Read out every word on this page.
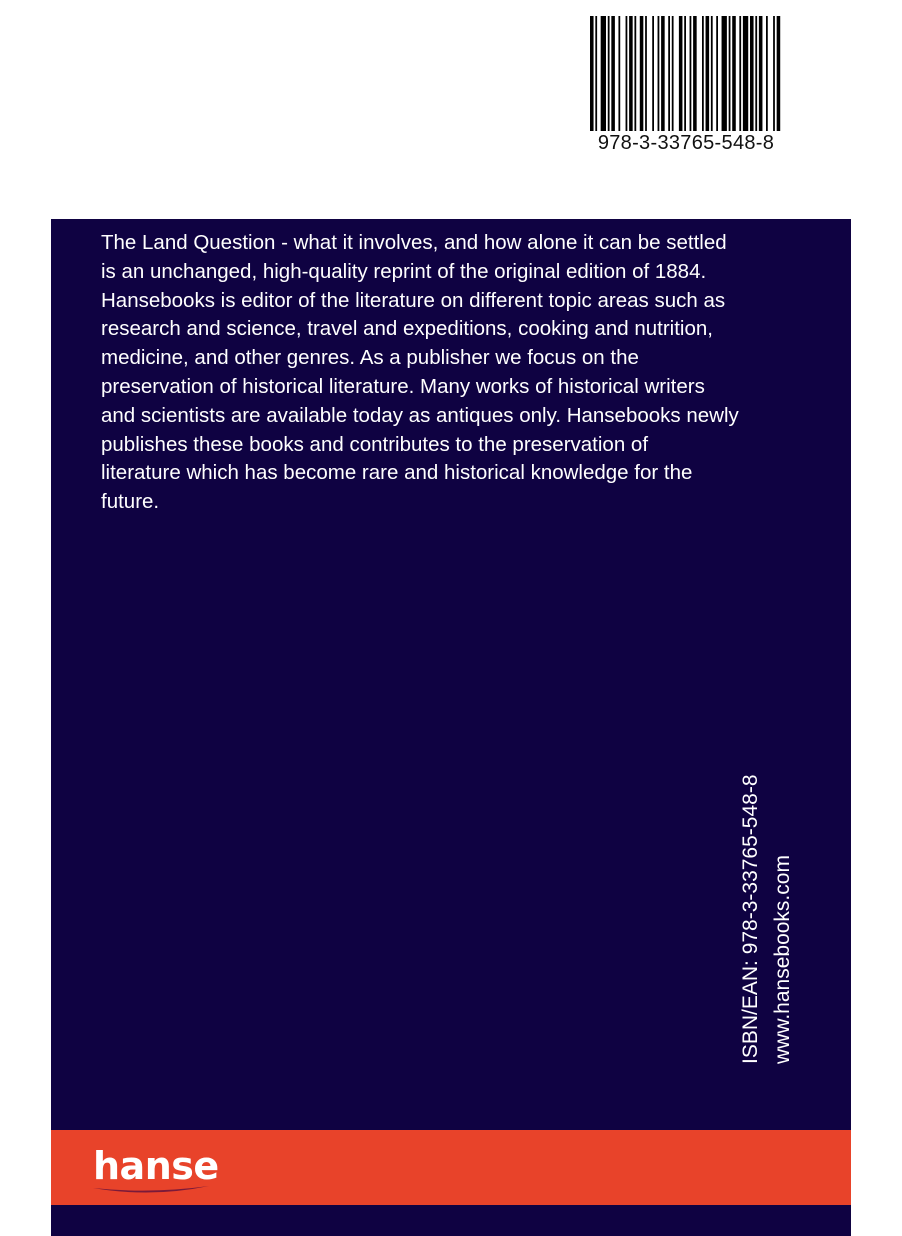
978-3-33765-548-8

The Land Question - what it involves, and how alone it can be settled
is an unchanged, high-quality reprint of the original edition of 1884.
Hansebooks is editor of the literature on different topic areas such as
research and science, travel and expeditions, cooking and nutrition,
medicine, and other genres. As a publisher we focus on the
preservation of historical literature. Many works of historical writers
and scientists are available today as antiques only. Hansebooks newly
publishes these books and contributes to the preservation of
literature which has become rare and historical knowledge for the
future.

ISBN/EAN: 978-3-33765-548-8 www.hansebooks.com
hanse
